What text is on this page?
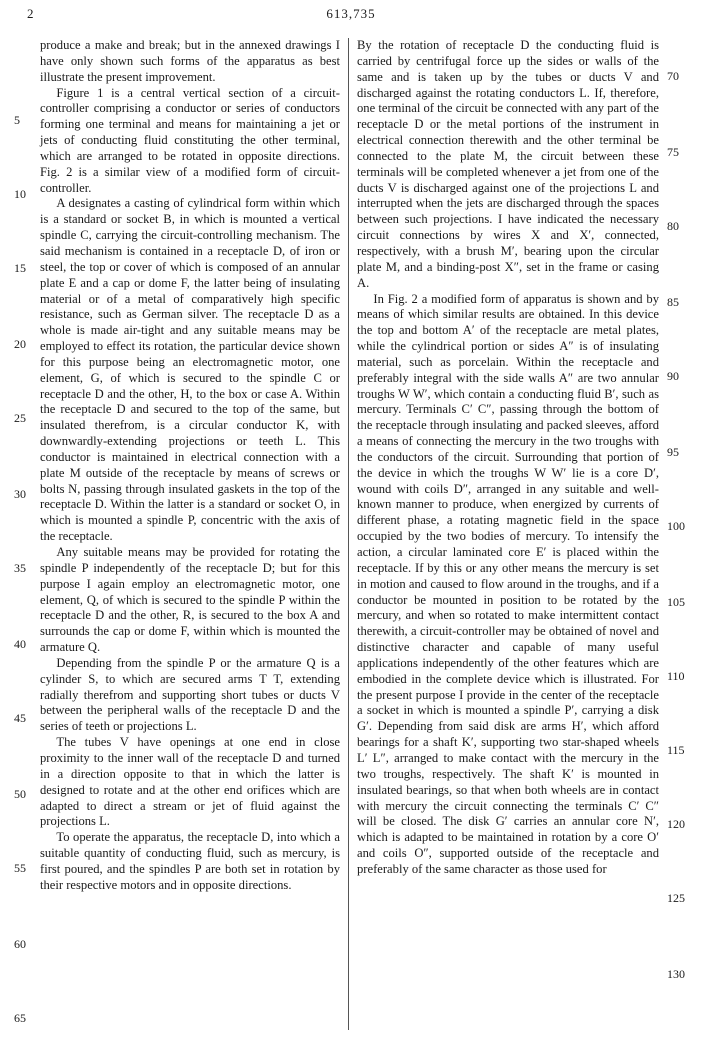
2	613,735

produce a make and break; but in the annexed drawings I have only shown such forms of the apparatus as best illustrate the present improvement.

Figure 1 is a central vertical section of a circuit-controller comprising a conductor or series of conductors forming one terminal and means for maintaining a jet or jets of conducting fluid constituting the other terminal, which are arranged to be rotated in opposite directions. Fig. 2 is a similar view of a modified form of circuit-controller.

A designates a casting of cylindrical form within which is a standard or socket B, in which is mounted a vertical spindle C, carrying the circuit-controlling mechanism. The said mechanism is contained in a receptacle D, of iron or steel, the top or cover of which is composed of an annular plate E and a cap or dome F, the latter being of insulating material or of a metal of comparatively high specific resistance, such as German silver. The receptacle D as a whole is made air-tight and any suitable means may be employed to effect its rotation, the particular device shown for this purpose being an electromagnetic motor, one element, G, of which is secured to the spindle C or receptacle D and the other, H, to the box or case A. Within the receptacle D and secured to the top of the same, but insulated therefrom, is a circular conductor K, with downwardly-extending projections or teeth L. This conductor is maintained in electrical connection with a plate M outside of the receptacle by means of screws or bolts N, passing through insulated gaskets in the top of the receptacle D. Within the latter is a standard or socket O, in which is mounted a spindle P, concentric with the axis of the receptacle.

Any suitable means may be provided for rotating the spindle P independently of the receptacle D; but for this purpose I again employ an electromagnetic motor, one element, Q, of which is secured to the spindle P within the receptacle D and the other, R, is secured to the box A and surrounds the cap or dome F, within which is mounted the armature Q.

Depending from the spindle P or the armature Q is a cylinder S, to which are secured arms T T, extending radially therefrom and supporting short tubes or ducts V between the peripheral walls of the receptacle D and the series of teeth or projections L.

The tubes V have openings at one end in close proximity to the inner wall of the receptacle D and turned in a direction opposite to that in which the latter is designed to rotate and at the other end orifices which are adapted to direct a stream or jet of fluid against the projections L.

To operate the apparatus, the receptacle D, into which a suitable quantity of conducting fluid, such as mercury, is first poured, and the spindles P are both set in rotation by their respective motors and in opposite directions.

By the rotation of receptacle D the conducting fluid is carried by centrifugal force up the sides or walls of the same and is taken up by the tubes or ducts V and discharged against the rotating conductors L. If, therefore, one terminal of the circuit be connected with any part of the receptacle D or the metal portions of the instrument in electrical connection therewith and the other terminal be connected to the plate M, the circuit between these terminals will be completed whenever a jet from one of the ducts V is discharged against one of the projections L and interrupted when the jets are discharged through the spaces between such projections. I have indicated the necessary circuit connections by wires X and X′, connected, respectively, with a brush M′, bearing upon the circular plate M, and a binding-post X″, set in the frame or casing A.

In Fig. 2 a modified form of apparatus is shown and by means of which similar results are obtained. In this device the top and bottom A′ of the receptacle are metal plates, while the cylindrical portion or sides A″ is of insulating material, such as porcelain. Within the receptacle and preferably integral with the side walls A″ are two annular troughs W W′, which contain a conducting fluid B′, such as mercury. Terminals C′ C″, passing through the bottom of the receptacle through insulating and packed sleeves, afford a means of connecting the mercury in the two troughs with the conductors of the circuit. Surrounding that portion of the device in which the troughs W W′ lie is a core D′, wound with coils D″, arranged in any suitable and well-known manner to produce, when energized by currents of different phase, a rotating magnetic field in the space occupied by the two bodies of mercury. To intensify the action, a circular laminated core E′ is placed within the receptacle. If by this or any other means the mercury is set in motion and caused to flow around in the troughs, and if a conductor be mounted in position to be rotated by the mercury, and when so rotated to make intermittent contact therewith, a circuit-controller may be obtained of novel and distinctive character and capable of many useful applications independently of the other features which are embodied in the complete device which is illustrated. For the present purpose I provide in the center of the receptacle a socket in which is mounted a spindle P′, carrying a disk G′. Depending from said disk are arms H′, which afford bearings for a shaft K′, supporting two star-shaped wheels L′ L″, arranged to make contact with the mercury in the two troughs, respectively. The shaft K′ is mounted in insulated bearings, so that when both wheels are in contact with mercury the circuit connecting the terminals C′ C″ will be closed. The disk G′ carries an annular core N′, which is adapted to be maintained in rotation by a core O′ and coils O″, supported outside of the receptacle and preferably of the same character as those used for

5
10
15
20
25
30
35
40
45
50
55
60
65
70
75
80
85
90
95
100
105
110
115
120
125
130
